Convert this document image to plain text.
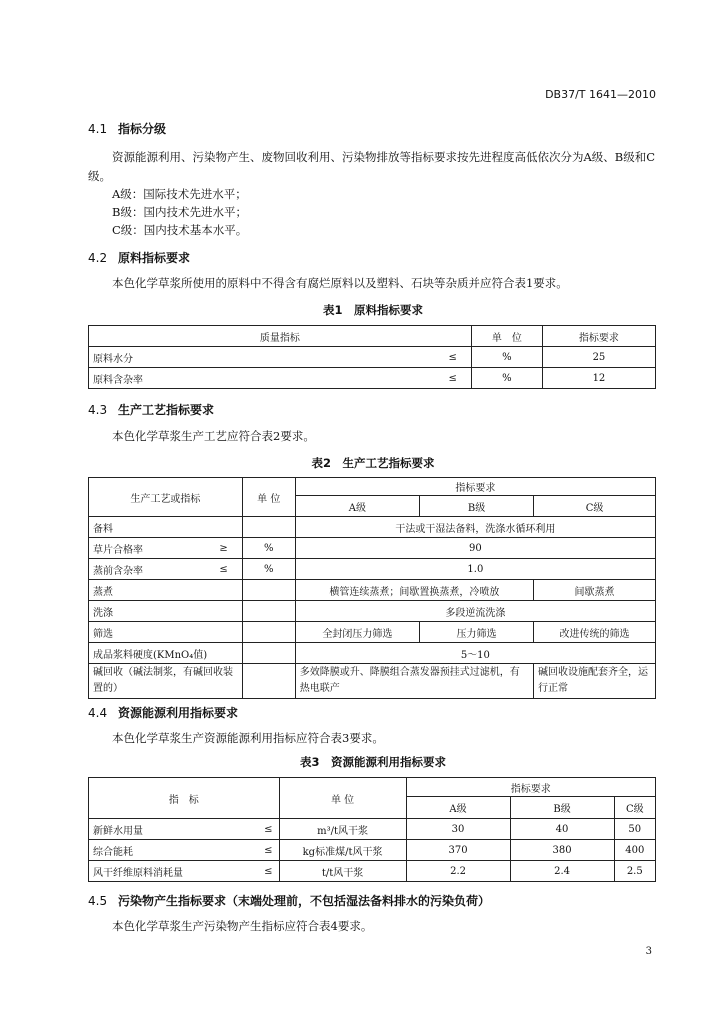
DB37/T 1641—2010
4.1 指标分级
资源能源利用、污染物产生、废物回收利用、污染物排放等指标要求按先进程度高低依次分为A级、B级和C级。
A级：国际技术先进水平；
B级：国内技术先进水平；
C级：国内技术基本水平。
4.2 原料指标要求
本色化学草浆所使用的原料中不得含有腐烂原料以及塑料、石块等杂质并应符合表1要求。
表1　原料指标要求
质量指标		单　位	指标要求
原料水分	≤	%	25
原料含杂率	≤	%	12
4.3 生产工艺指标要求
本色化学草浆生产工艺应符合表2要求。
表2　生产工艺指标要求
生产工艺或指标		单 位	指标要求		
			A级	B级	C级
备料			干法或干湿法备料，洗涤水循环利用		
草片合格率	≥	%	90		
蒸前含杂率	≤	%	1.0		
蒸煮			横管连续蒸煮；间歇置换蒸煮，冷喷放		间歇蒸煮
洗涤			多段逆流洗涤		
筛选			全封闭压力筛选	压力筛选	改进传统的筛选
成品浆料硬度(KMnO₄值)			5～10		
碱回收（碱法制浆，有碱回收装置的）			多效降膜或升、降膜组合蒸发器预挂式过滤机，有热电联产		碱回收设施配套齐全，运行正常
4.4 资源能源利用指标要求
本色化学草浆生产资源能源利用指标应符合表3要求。
表3　资源能源利用指标要求
指　标		单 位	指标要求		
			A级	B级	C级
新鲜水用量	≤	m³/t风干浆	30	40	50
综合能耗	≤	kg标准煤/t风干浆	370	380	400
风干纤维原料消耗量	≤	t/t风干浆	2.2	2.4	2.5
4.5 污染物产生指标要求（末端处理前，不包括湿法备料排水的污染负荷）
本色化学草浆生产污染物产生指标应符合表4要求。
3
